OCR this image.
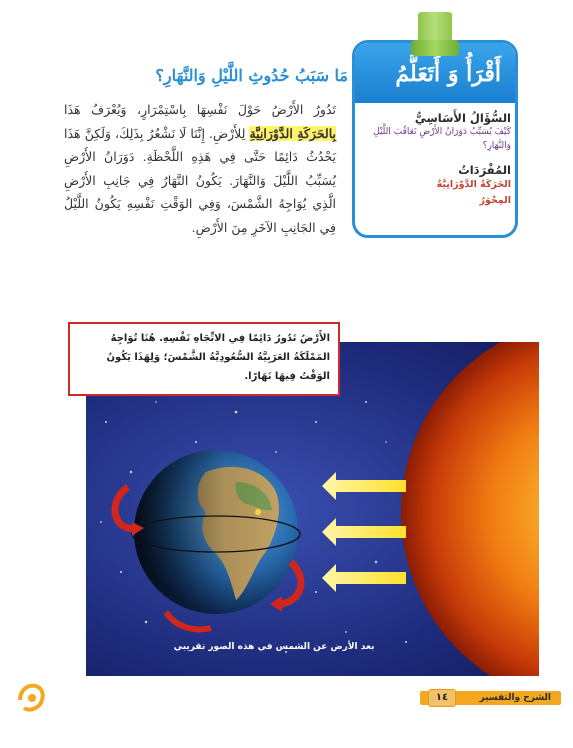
أَقْرَأُ وَ أَتَعَلَّمُ
السُّؤَالُ الأَسَاسِيُّ
كَيْفَ يُسَبِّبُ دَوَرَانُ الأَرْضِ تَعَاقُبَ اللَّيْلِ وَالنَّهَارِ؟
المُفْرَدَاتُ
الحَرَكَةُ الدَّوْرَانِيَّةُ
المِحْوَرُ
مَا سَبَبُ حُدُوثِ اللَّيْلِ وَالنَّهَارِ؟
تَدُورُ الأَرْضُ حَوْلَ نَفْسِهَا بِاسْتِمْرَارٍ، وَيُعْرَفُ هَذَا بِالحَرَكَةِ الدَّوْرَانِيَّةِ لِلأَرْضِ. إِنَّنَا لَا نَشْعُرُ بِذَلِكَ، وَلَكِنَّ هَذَا يَحْدُثُ دَائِمًا حَتَّى فِي هَذِهِ اللَّحْظَةِ. دَوَرَانُ الأَرْضِ يُسَبِّبُ اللَّيْلَ وَالنَّهَارَ. يَكُونُ النَّهَارُ فِي جَانِبِ الأَرْضِ الَّذِي يُوَاجِهُ الشَّمْسَ، وَفِي الوَقْتِ نَفْسِهِ يَكُونُ اللَّيْلُ فِي الجَانِبِ الآخَرِ مِنَ الأَرْضِ.
الأَرْضُ تَدُورُ دَائِمًا فِي الاتِّجَاهِ نَفْسِهِ. هُنَا تُوَاجِهُ المَمْلَكَةُ العَرَبِيَّةُ السُّعُودِيَّةُ الشَّمْسَ؛ وَلِهَذَا يَكُونُ الوَقْتُ فِيهَا نَهَارًا.
بعد الأرض عن الشمس في هذه الصور تقريبي
الشرح والتفسير
١٤
